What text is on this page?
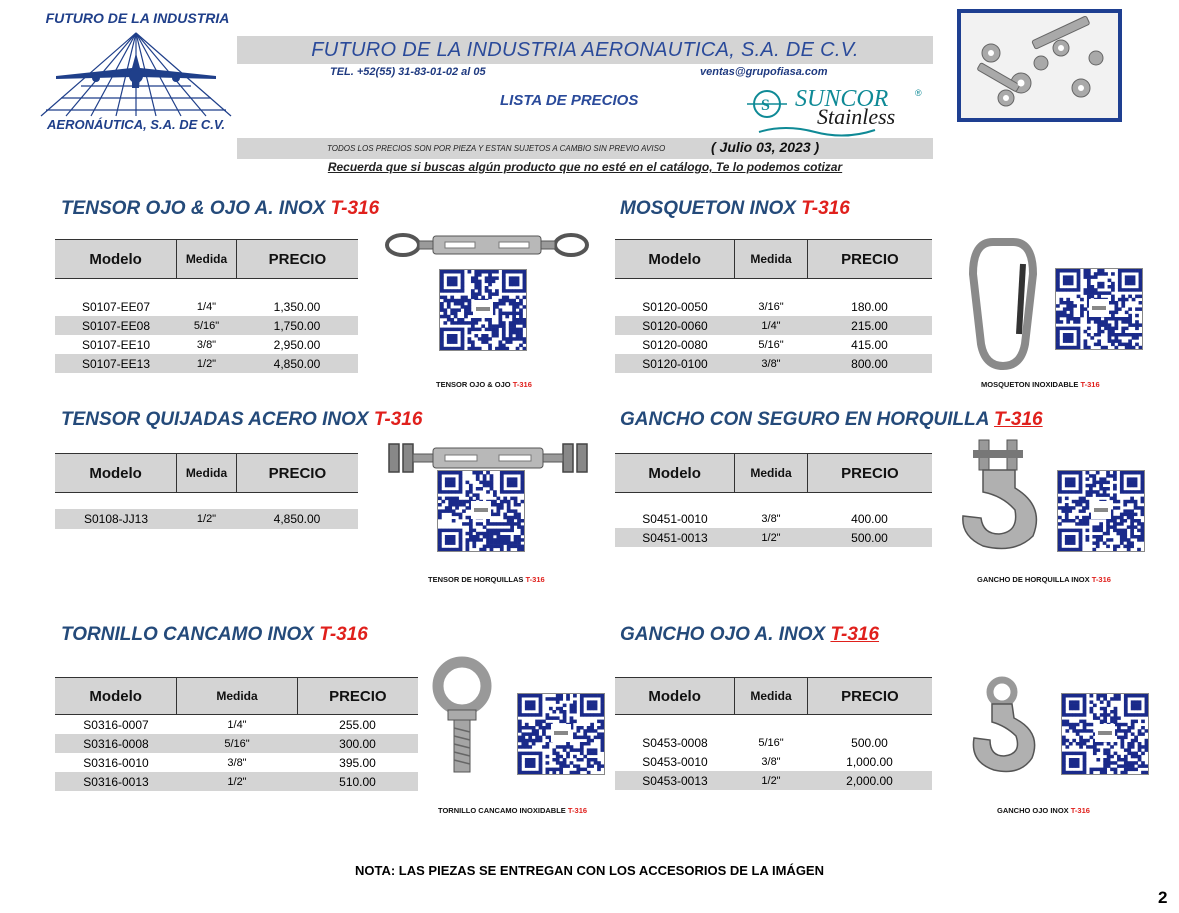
FUTURO DE LA INDUSTRIA
AERONÁUTICA, S.A. DE C.V.
FUTURO DE LA INDUSTRIA AERONAUTICA, S.A. DE C.V.
TEL. +52(55) 31-83-01-02 al 05	ventas@grupofiasa.com
LISTA DE PRECIOS	S SUNCOR	®
Stainless
TODOS LOS PRECIOS SON POR PIEZA Y ESTAN SUJETOS A CAMBIO SIN PREVIO AVISO	( Julio 03, 2023 )
Recuerda que si buscas algún producto que no esté en el catálogo, Te lo podemos cotizar
TENSOR OJO & OJO A. INOX T-316
Modelo	Medida	PRECIO
S0107-EE07	1/4"	1,350.00
S0107-EE08	5/16"	1,750.00
S0107-EE10	3/8"	2,950.00
S0107-EE13	1/2"	4,850.00
TENSOR OJO & OJO T-316
MOSQUETON INOX T-316
Modelo	Medida	PRECIO
S0120-0050	3/16"	180.00
S0120-0060	1/4"	215.00
S0120-0080	5/16"	415.00
S0120-0100	3/8"	800.00
MOSQUETON INOXIDABLE T-316
TENSOR QUIJADAS ACERO INOX T-316
Modelo	Medida	PRECIO
S0108-JJ13	1/2"	4,850.00
TENSOR DE HORQUILLAS T-316
GANCHO CON SEGURO EN HORQUILLA T-316
Modelo	Medida	PRECIO
S0451-0010	3/8"	400.00
S0451-0013	1/2"	500.00
GANCHO DE HORQUILLA INOX T-316
TORNILLO CANCAMO INOX T-316
Modelo	Medida	PRECIO
S0316-0007	1/4"	255.00
S0316-0008	5/16"	300.00
S0316-0010	3/8"	395.00
S0316-0013	1/2"	510.00
TORNILLO CANCAMO INOXIDABLE T-316
GANCHO OJO A. INOX T-316
Modelo	Medida	PRECIO
S0453-0008	5/16"	500.00
S0453-0010	3/8"	1,000.00
S0453-0013	1/2"	2,000.00
GANCHO OJO INOX T-316
NOTA: LAS PIEZAS SE ENTREGAN CON LOS ACCESORIOS DE LA IMÁGEN
2
